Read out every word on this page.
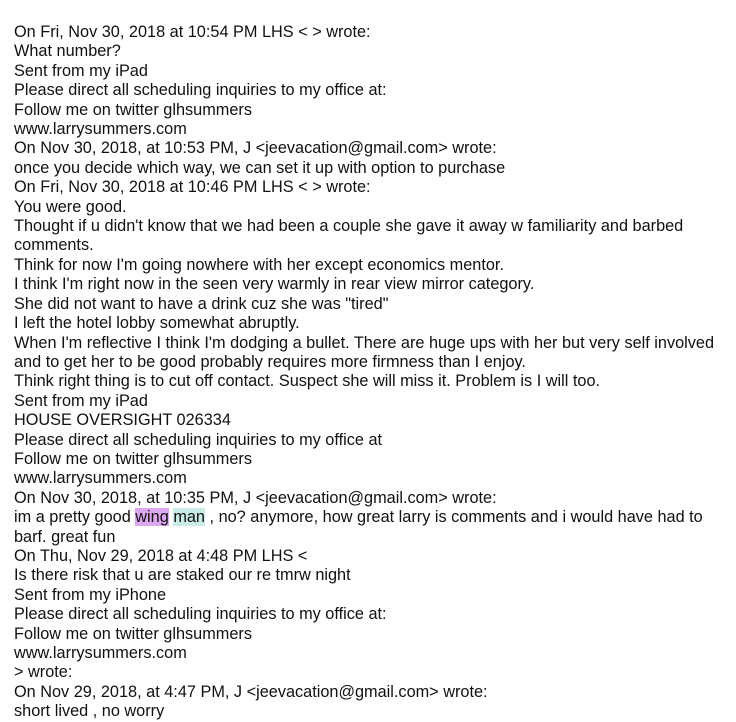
On Fri, Nov 30, 2018 at 10:54 PM LHS < > wrote:
What number?
Sent from my iPad
Please direct all scheduling inquiries to my office at:
Follow me on twitter glhsummers
www.larrysummers.com
On Nov 30, 2018, at 10:53 PM, J <jeevacation@gmail.com> wrote:
once you decide which way, we can set it up with option to purchase
On Fri, Nov 30, 2018 at 10:46 PM LHS < > wrote:
You were good.
Thought if u didn't know that we had been a couple she gave it away w familiarity and barbed comments.
Think for now I'm going nowhere with her except economics mentor.
I think I'm right now in the seen very warmly in rear view mirror category.
She did not want to have a drink cuz she was "tired"
I left the hotel lobby somewhat abruptly.
When I'm reflective I think I'm dodging a bullet. There are huge ups with her but very self involved and to get her to be good probably requires more firmness than I enjoy.
Think right thing is to cut off contact. Suspect she will miss it. Problem is I will too.
Sent from my iPad
HOUSE OVERSIGHT 026334
Please direct all scheduling inquiries to my office at
Follow me on twitter glhsummers
www.larrysummers.com
On Nov 30, 2018, at 10:35 PM, J <jeevacation@gmail.com> wrote:
im a pretty good wing man , no? anymore, how great larry is comments and i would have had to barf. great fun
On Thu, Nov 29, 2018 at 4:48 PM LHS <
Is there risk that u are staked our re tmrw night
Sent from my iPhone
Please direct all scheduling inquiries to my office at:
Follow me on twitter glhsummers
www.larrysummers.com
> wrote:
On Nov 29, 2018, at 4:47 PM, J <jeevacation@gmail.com> wrote:
short lived , no worry
